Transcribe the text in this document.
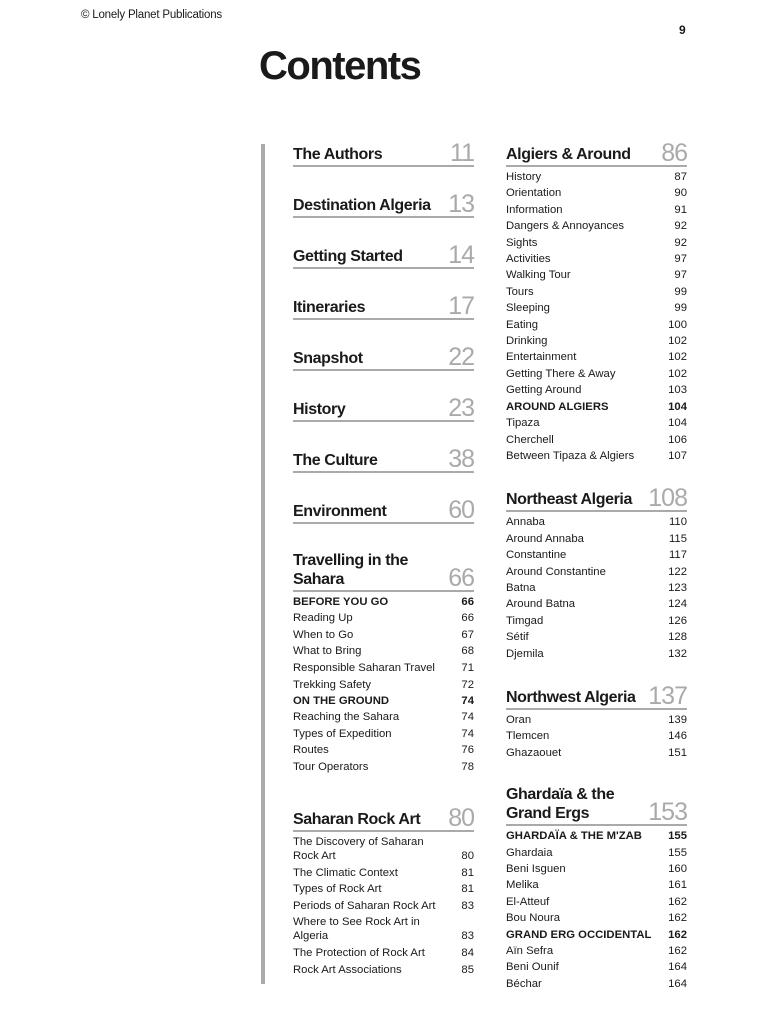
© Lonely Planet Publications
9
Contents
The Authors	11
Destination Algeria 13
Getting Started 14
Itineraries	17
Snapshot	22
History	23
The Culture	38
Environment 60
Travelling in the Sahara	66
BEFORE YOU GO	66
Reading Up	66
When to Go	67
What to Bring	68
Responsible Saharan Travel	71
Trekking Safety	72
ON THE GROUND	74
Reaching the Sahara	74
Types of Expedition	74
Routes	76
Tour Operators	78
Saharan Rock Art 80
The Discovery of Saharan Rock Art	80
The Climatic Context	81
Types of Rock Art	81
Periods of Saharan Rock Art 83
Where to See Rock Art in Algeria	83
The Protection of Rock Art	84
Rock Art Associations	85
Algiers & Around 86
History	87
Orientation	90
Information	91
Dangers & Annoyances	92
Sights	92
Activities	97
Walking Tour	97
Tours	99
Sleeping	99
Eating	100
Drinking	102
Entertainment	102
Getting There & Away	102
Getting Around	103
AROUND ALGIERS	104
Tipaza	104
Cherchell	106
Between Tipaza & Algiers	107
Northeast Algeria 108
Annaba	110
Around Annaba	115
Constantine	117
Around Constantine	122
Batna	123
Around Batna	124
Timgad	126
Sétif	128
Djemila	132
Northwest Algeria 137
Oran	139
Tlemcen	146
Ghazaouet	151
Ghardaïa & the Grand Ergs	153
GHARDAÏA & THE M'ZAB 155
Ghardaia	155
Beni Isguen	160
Melika	161
El-Atteuf	162
Bou Noura	162
GRAND ERG OCCIDENTAL 162
Aïn Sefra	162
Beni Ounif	164
Béchar	164
